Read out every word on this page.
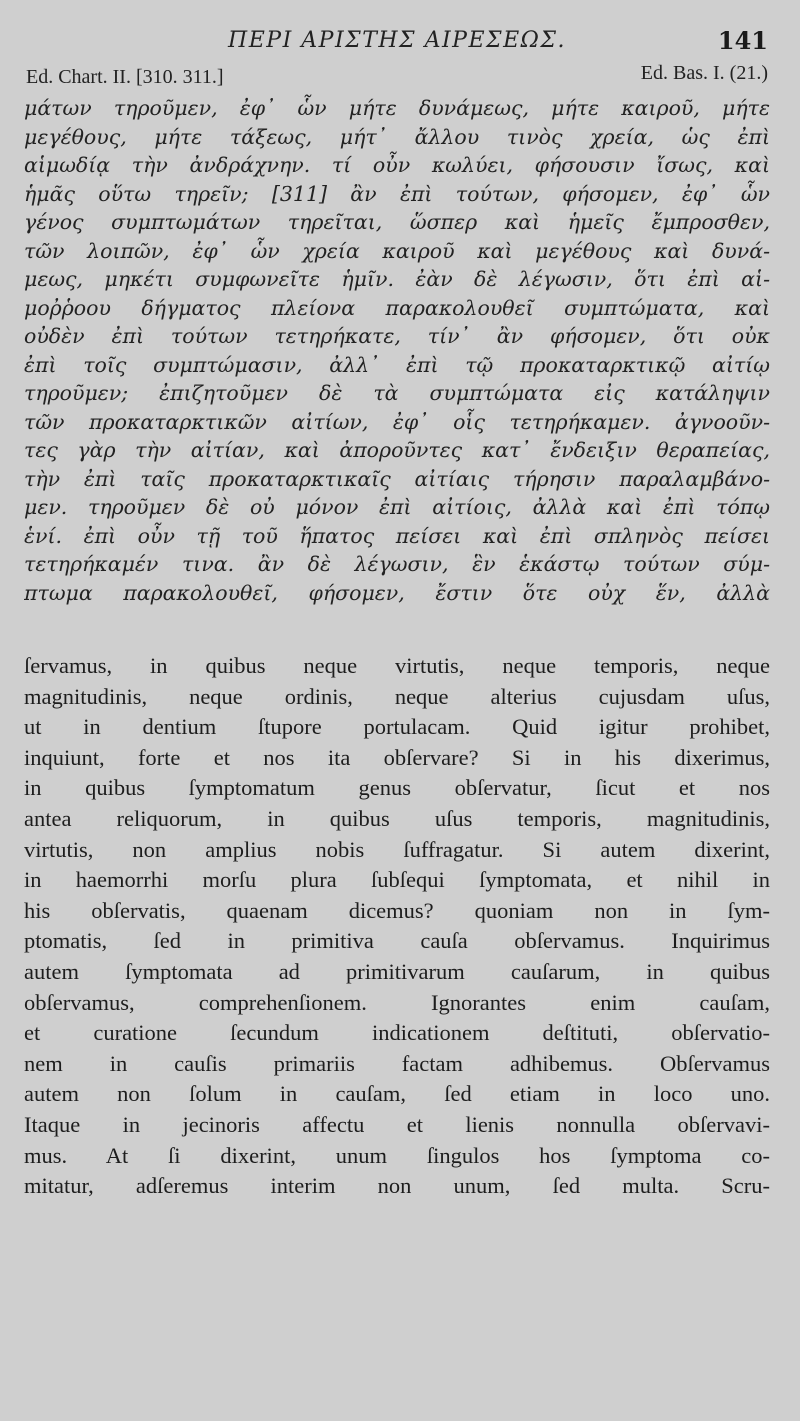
ΠΕΡΙ ΑΡΙΣΤΗΣ ΑΙΡΕΣΕΩΣ.	141
Ed. Chart. II. [310. 311.]	Ed. Bas. I. (21.)
μάτων τηροῦμεν, ἐφ᾽ ὧν μήτε δυνάμεως, μήτε καιροῦ, μήτε
μεγέθους, μήτε τάξεως, μήτ᾽ ἄλλου τινὸς χρεία, ὡς ἐπὶ
αἱμωδίᾳ τὴν ἀνδράχνην. τί οὖν κωλύει, φήσουσιν ἴσως, καὶ
ἡμᾶς οὕτω τηρεῖν; [311] ἂν ἐπὶ τούτων, φήσομεν, ἐφ᾽ ὧν
γένος συμπτωμάτων τηρεῖται, ὥσπερ καὶ ἡμεῖς ἔμπροσθεν,
τῶν λοιπῶν, ἐφ᾽ ὧν χρεία καιροῦ καὶ μεγέθους καὶ δυνά-
μεως, μηκέτι συμφωνεῖτε ἡμῖν. ἐὰν δὲ λέγωσιν, ὅτι ἐπὶ αἱ-
μοῤῥοου δήγματος πλείονα παρακολουθεῖ συμπτώματα, καὶ
οὐδὲν ἐπὶ τούτων τετηρήκατε, τίν᾽ ἂν φήσομεν, ὅτι οὐκ
ἐπὶ τοῖς συμπτώμασιν, ἀλλ᾽ ἐπὶ τῷ προκαταρκτικῷ αἰτίῳ
τηροῦμεν; ἐπιζητοῦμεν δὲ τὰ συμπτώματα εἰς κατάληψιν
τῶν προκαταρκτικῶν αἰτίων, ἐφ᾽ οἷς τετηρήκαμεν. ἀγνοοῦν-
τες γὰρ τὴν αἰτίαν, καὶ ἀποροῦντες κατ᾽ ἔνδειξιν θεραπείας,
τὴν ἐπὶ ταῖς προκαταρκτικαῖς αἰτίαις τήρησιν παραλαμβάνο-
μεν. τηροῦμεν δὲ οὐ μόνον ἐπὶ αἰτίοις, ἀλλὰ καὶ ἐπὶ τόπῳ
ἑνί. ἐπὶ οὖν τῇ τοῦ ἥπατος πείσει καὶ ἐπὶ σπληνὸς πείσει
τετηρήκαμέν τινα. ἂν δὲ λέγωσιν, ἓν ἑκάστῳ τούτων σύμ-
πτωμα παρακολουθεῖ, φήσομεν, ἔστιν ὅτε οὐχ ἕν, ἀλλὰ
ſervamus, in quibus neque virtutis, neque temporis, neque
magnitudinis, neque ordinis, neque alterius cujusdam uſus,
ut in dentium ſtupore portulacam. Quid igitur prohibet,
inquiunt, forte et nos ita obſervare? Si in his dixerimus,
in quibus ſymptomatum genus obſervatur, ſicut et nos
antea reliquorum, in quibus uſus temporis, magnitudinis,
virtutis, non amplius nobis ſuffragatur. Si autem dixerint,
in haemorrhi morſu plura ſubſequi ſymptomata, et nihil in
his obſervatis, quaenam dicemus? quoniam non in ſym-
ptomatis, ſed in primitiva cauſa obſervamus. Inquirimus
autem ſymptomata ad primitivarum cauſarum, in quibus
obſervamus, comprehenſionem. Ignorantes enim cauſam,
et curatione ſecundum indicationem deſtituti, obſervatio-
nem in cauſis primariis factam adhibemus. Obſervamus
autem non ſolum in cauſam, ſed etiam in loco uno.
Itaque in jecinoris affectu et lienis nonnulla obſervavi-
mus. At ſi dixerint, unum ſingulos hos ſymptoma co-
mitatur, adſeremus interim non unum, ſed multa. Scru-
